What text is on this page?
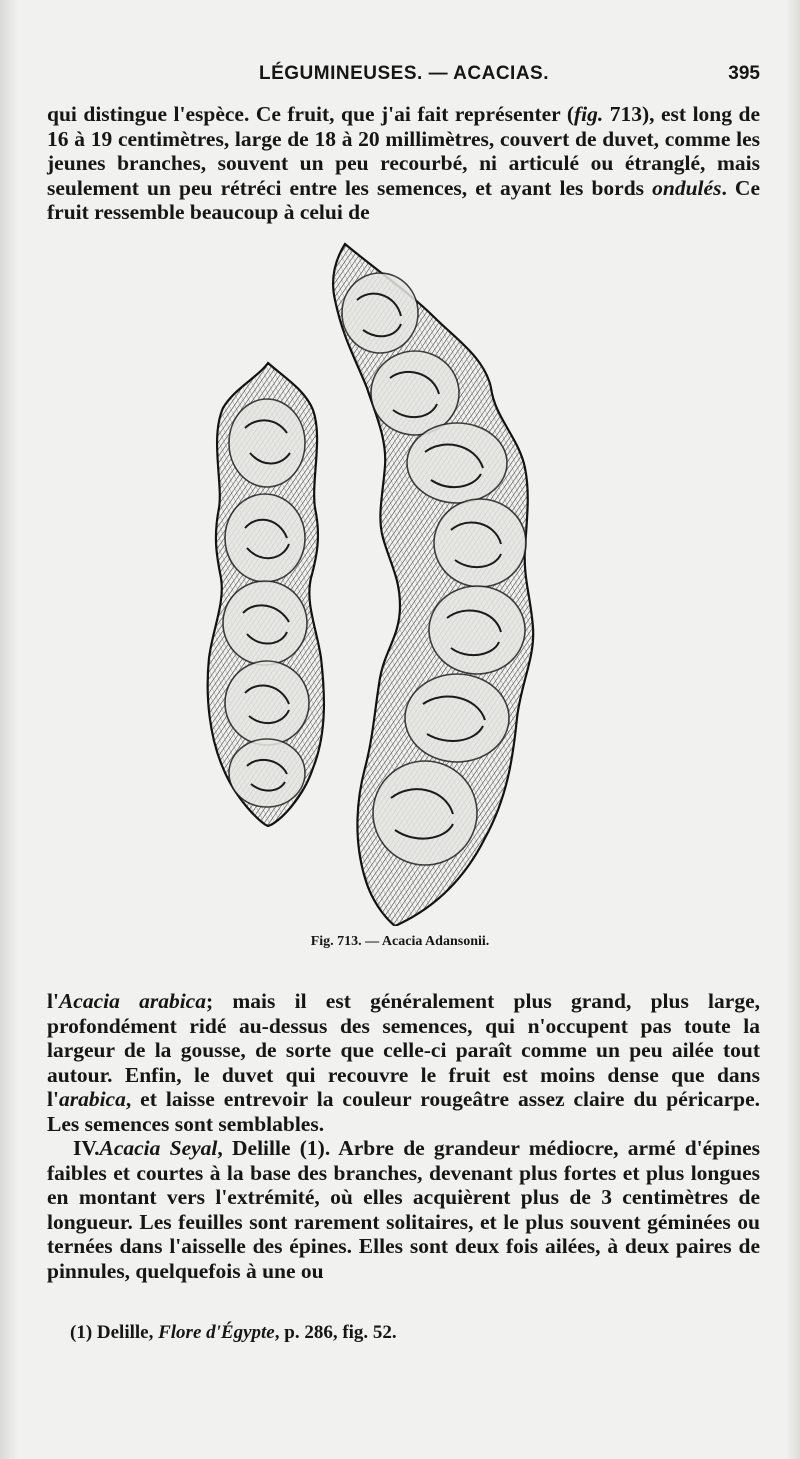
LÉGUMINEUSES. — ACACIAS.	395

qui distingue l'espèce. Ce fruit, que j'ai fait représenter (fig. 713), est long de 16 à 19 centimètres, large de 18 à 20 millimètres, couvert de duvet, comme les jeunes branches, souvent un peu recourbé, ni articulé ou étranglé, mais seulement un peu rétréci entre les semences, et ayant les bords ondulés. Ce fruit ressemble beaucoup à celui de

Fig. 713. — Acacia Adansonii.

l'Acacia arabica; mais il est généralement plus grand, plus large, profondément ridé au-dessus des semences, qui n'occupent pas toute la largeur de la gousse, de sorte que celle-ci paraît comme un peu ailée tout autour. Enfin, le duvet qui recouvre le fruit est moins dense que dans l'arabica, et laisse entrevoir la couleur rougeâtre assez claire du péricarpe. Les semences sont semblables.

IV.Acacia Seyal, Delille (1). Arbre de grandeur médiocre, armé d'épines faibles et courtes à la base des branches, devenant plus fortes et plus longues en montant vers l'extrémité, où elles acquièrent plus de 3 centimètres de longueur. Les feuilles sont rarement solitaires, et le plus souvent géminées ou ternées dans l'aisselle des épines. Elles sont deux fois ailées, à deux paires de pinnules, quelquefois à une ou

(1) Delille, Flore d'Égypte, p. 286, fig. 52.
